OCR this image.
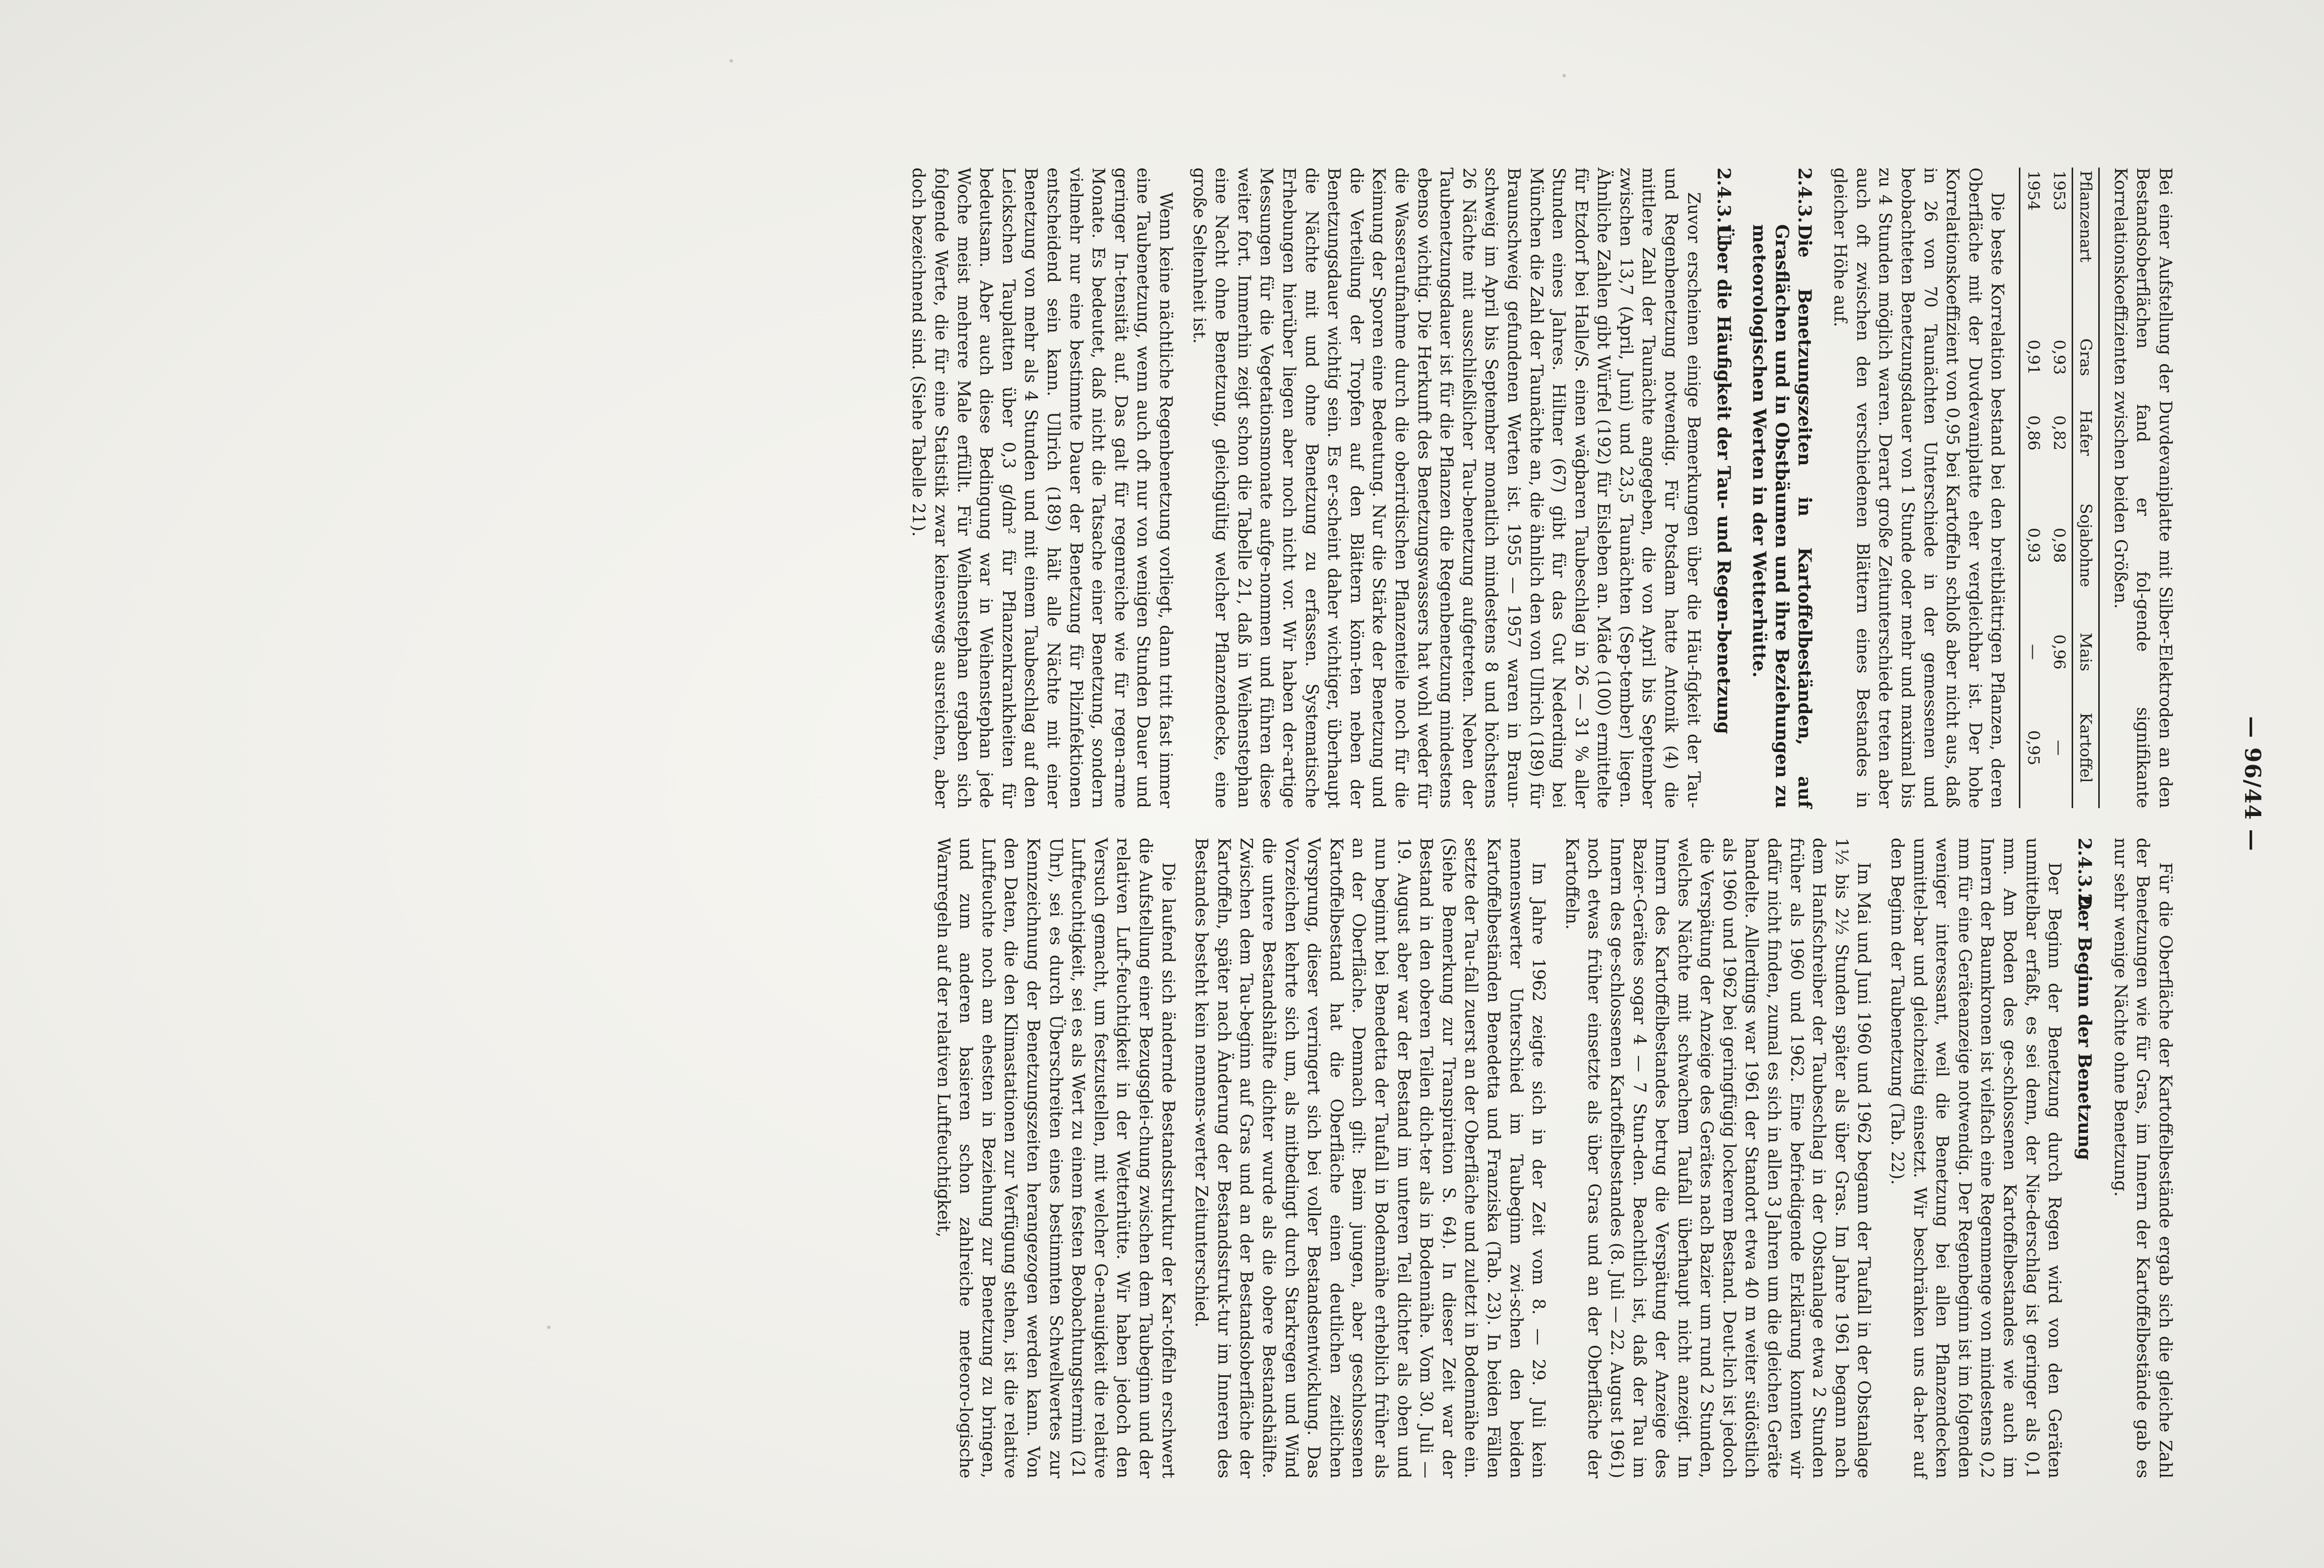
— 96/44 —

Bei einer Aufstellung der Duvdevaniplatte mit Silber-Elektroden an den Bestandsoberflächen fand er fol-gende signifikante Korrelationskoeffizienten zwischen beiden Größen.

Pflanzenart	Gras	Hafer	Sojabohne	Mais	Kartoffel
1953	0,93	0,82	0,98	0,96	—
1954	0,91	0,86	0,93	—	0,95

Die beste Korrelation bestand bei den breitblättrigen Pflanzen, deren Oberfläche mit der Duvdevaniplatte eher vergleichbar ist. Der hohe Korrelationskoeffizient von 0,95 bei Kartoffeln schloß aber nicht aus, daß in 26 von 70 Taunächten Unterschiede in der gemessenen und beobachteten Benetzungsdauer von 1 Stunde oder mehr und maximal bis zu 4 Stunden möglich waren. Derart große Zeitunterschiede treten aber auch oft zwischen den verschiedenen Blättern eines Bestandes in gleicher Höhe auf.

2.4.3.
Die Benetzungszeiten in Kartoffelbeständen, auf Grasflächen und in Obstbäumen und ihre Beziehungen zu meteorologischen Werten in der Wetterhütte.
2.4.3.1.
Über die Häufigkeit der Tau- und Regen-benetzung

Zuvor erscheinen einige Bemerkungen über die Häu-figkeit der Tau- und Regenbenetzung notwendig. Für Potsdam hatte Antonik (4) die mittlere Zahl der Taunächte angegeben, die von April bis September zwischen 13,7 (April, Juni) und 23,5 Taunächten (Sep-tember) liegen. Ähnliche Zahlen gibt Würfel (192) für Eisleben an. Mäde (100) ermittelte für Etzdorf bei Halle/S. einen wägbaren Taubeschlag in 26 — 31 % aller Stunden eines Jahres. Hiltner (67) gibt für das Gut Nederding bei München die Zahl der Taunächte an, die ähnlich den von Ullrich (189) für Braunschweig gefundenen Werten ist. 1955 — 1957 waren in Braun-schweig im April bis September monatlich mindestens 8 und höchstens 26 Nächte mit ausschließlicher Tau-benetzung aufgetreten. Neben der Taubenetzungsdauer ist für die Pflanzen die Regenbenetzung mindestens ebenso wichtig. Die Herkunft des Benetzungswassers hat wohl weder für die Wasseraufnahme durch die oberirdischen Pflanzenteile noch für die Keimung der Sporen eine Bedeutung. Nur die Stärke der Benetzung und die Verteilung der Tropfen auf den Blättern könn-ten neben der Benetzungsdauer wichtig sein. Es er-scheint daher wichtiger, überhaupt die Nächte mit und ohne Benetzung zu erfassen. Systematische Erhebungen hierüber liegen aber noch nicht vor. Wir haben der-artige Messungen für die Vegetationsmonate aufge-nommen und führen diese weiter fort. Immerhin zeigt schon die Tabelle 21, daß in Weihenstephan eine Nacht ohne Benetzung, gleichgültig welcher Pflanzendecke, eine große Seltenheit ist.

Wenn keine nächtliche Regenbenetzung vorliegt, dann tritt fast immer eine Taubenetzung, wenn auch oft nur von wenigen Stunden Dauer und geringer In-tensität auf. Das galt für regenreiche wie für regen-arme Monate. Es bedeutet, daß nicht die Tatsache einer Benetzung, sondern vielmehr nur eine bestimmte Dauer der Benetzung für Pilzinfektionen entscheidend sein kann. Ullrich (189) hält alle Nächte mit einer Benetzung von mehr als 4 Stunden und mit einem Taubeschlag auf den Leickschen Tauplatten über 0,3 g/dm² für Pflanzenkrankheiten für bedeutsam. Aber auch diese Bedingung war in Weihenstephan jede Woche meist mehrere Male erfüllt. Für Weihenstephan ergaben sich folgende Werte, die für eine Statistik zwar keineswegs ausreichen, aber doch bezeichnend sind. (Siehe Tabelle 21).

Für die Oberfläche der Kartoffelbestände ergab sich die gleiche Zahl der Benetzungen wie für Gras, im Innern der Kartoffelbestände gab es nur sehr wenige Nächte ohne Benetzung.

2.4.3.2.
Der Beginn der Benetzung

Der Beginn der Benetzung durch Regen wird von den Geräten unmittelbar erfaßt, es sei denn, der Nie-derschlag ist geringer als 0,1 mm. Am Boden des ge-schlossenen Kartoffelbestandes wie auch im Innern der Baumkronen ist vielfach eine Regenmenge von mindestens 0,2 mm für eine Geräteanzeige notwendig. Der Regenbeginn ist im folgenden weniger interessant, weil die Benetzung bei allen Pflanzendecken unmittel-bar und gleichzeitig einsetzt. Wir beschränken uns da-her auf den Beginn der Taubenetzung (Tab. 22).

Im Mai und Juni 1960 und 1962 begann der Taufall in der Obstanlage 1½ bis 2½ Stunden später als über Gras. Im Jahre 1961 begann nach dem Hanfschreiber der Taubeschlag in der Obstanlage etwa 2 Stunden früher als 1960 und 1962. Eine befriedigende Erklärung konnten wir dafür nicht finden, zumal es sich in allen 3 Jahren um die gleichen Geräte handelte. Allerdings war 1961 der Standort etwa 40 m weiter südöstlich als 1960 und 1962 bei geringfügig lockerem Bestand. Deut-lich ist jedoch die Verspätung der Anzeige des Gerätes nach Bazier um rund 2 Stunden, welches Nächte mit schwachem Taufall überhaupt nicht anzeigt. Im Innern des Kartoffelbestandes betrug die Verspätung der Anzeige des Bazier-Gerätes sogar 4 — 7 Stun-den. Beachtlich ist, daß der Tau im Innern des ge-schlossenen Kartoffelbestandes (8. Juli — 22. August 1961) noch etwas früher einsetzte als über Gras und an der Oberfläche der Kartoffeln.

Im Jahre 1962 zeigte sich in der Zeit vom 8. — 29. Juli kein nennenswerter Unterschied im Taubeginn zwi-schen den beiden Kartoffelbeständen Benedetta und Franziska (Tab. 23). In beiden Fällen setzte der Tau-fall zuerst an der Oberfläche und zuletzt in Bodennähe ein. (Siehe Bemerkung zur Transpiration S. 64). In dieser Zeit war der Bestand in den oberen Teilen dich-ter als in Bodennähe. Vom 30. Juli — 19. August aber war der Bestand im unteren Teil dichter als oben und nun beginnt bei Benedetta der Taufall in Bodennähe erheblich früher als an der Oberfläche. Demnach gilt: Beim jungen, aber geschlossenen Kartoffelbestand hat die Oberfläche einen deutlichen zeitlichen Vorsprung, dieser verringert sich bei voller Bestandsentwicklung. Das Vorzeichen kehrte sich um, als mitbedingt durch Starkregen und Wind die untere Bestandshälfte dichter wurde als die obere Bestandshälfte. Zwischen dem Tau-beginn auf Gras und an der Bestandsoberfläche der Kartoffeln, später nach Änderung der Bestandsstruk-tur im Inneren des Bestandes besteht kein nennens-werter Zeitunterschied.

Die laufend sich ändernde Bestandsstruktur der Kar-toffeln erschwert die Aufstellung einer Bezugsglei-chung zwischen dem Taubeginn und der relativen Luft-feuchtigkeit in der Wetterhütte. Wir haben jedoch den Versuch gemacht, um festzustellen, mit welcher Ge-nauigkeit die relative Luftfeuchtigkeit, sei es als Wert zu einem festen Beobachtungstermin (21 Uhr), sei es durch Überschreiten eines bestimmten Schwellwertes zur Kennzeichnung der Benetzungszeiten herangezogen werden kann. Von den Daten, die den Klimastationen zur Verfügung stehen, ist die relative Luftfeuchte noch am ehesten in Beziehung zur Benetzung zu bringen, und zum anderen basieren schon zahlreiche meteoro-logische Warnregeln auf der relativen Luftfeuchtigkeit,
